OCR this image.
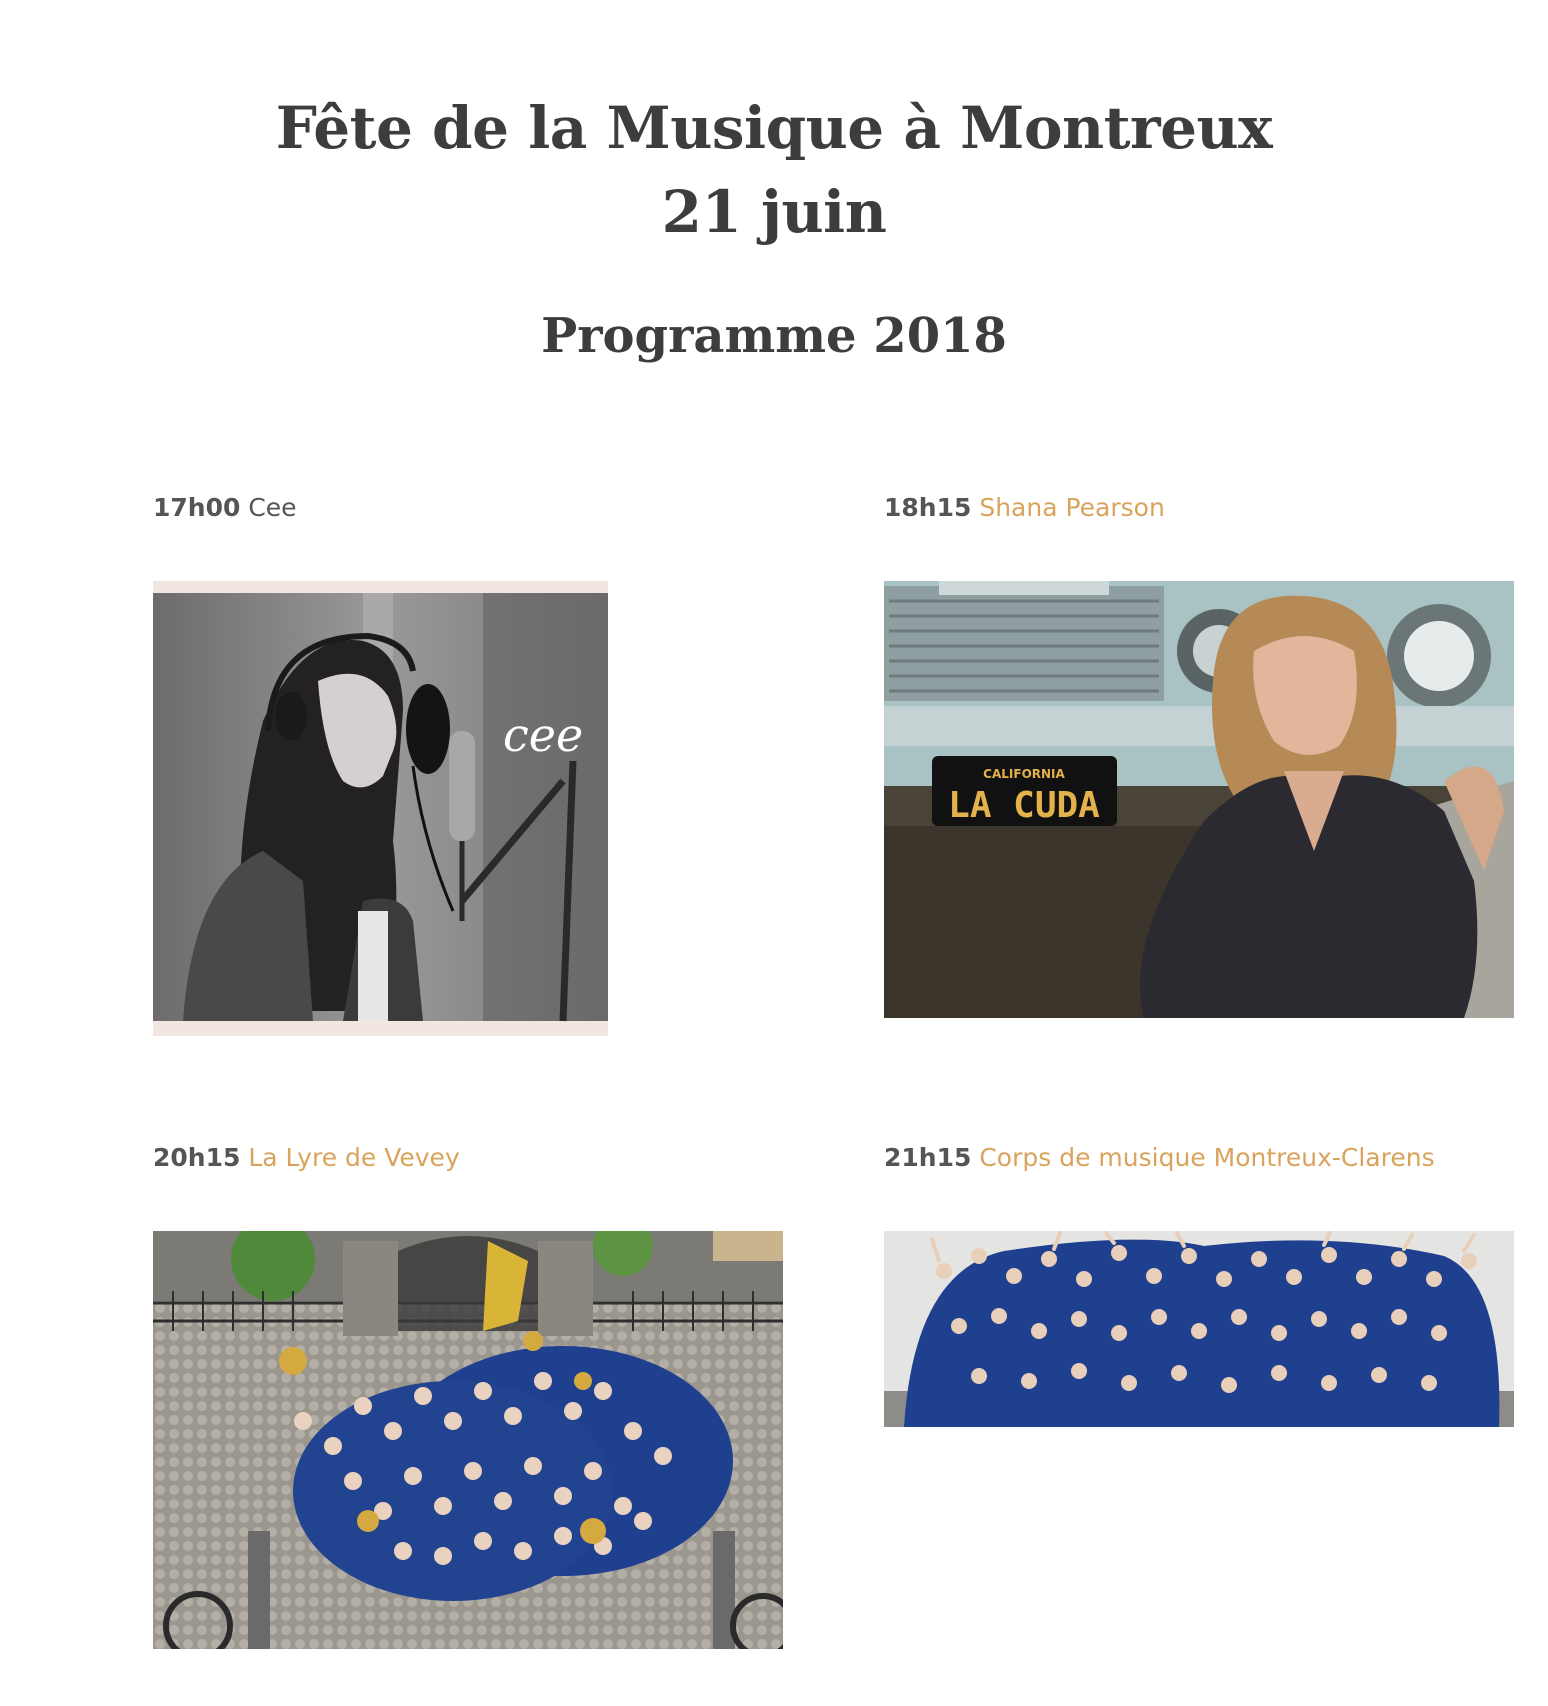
Fête de la Musique à Montreux
21 juin
Programme 2018

17h00 Cee

cee

18h15 Shana Pearson

CALIFORNIA
LA CUDA

20h15 La Lyre de Vevey	21h15 Corps de musique Montreux-Clarens
